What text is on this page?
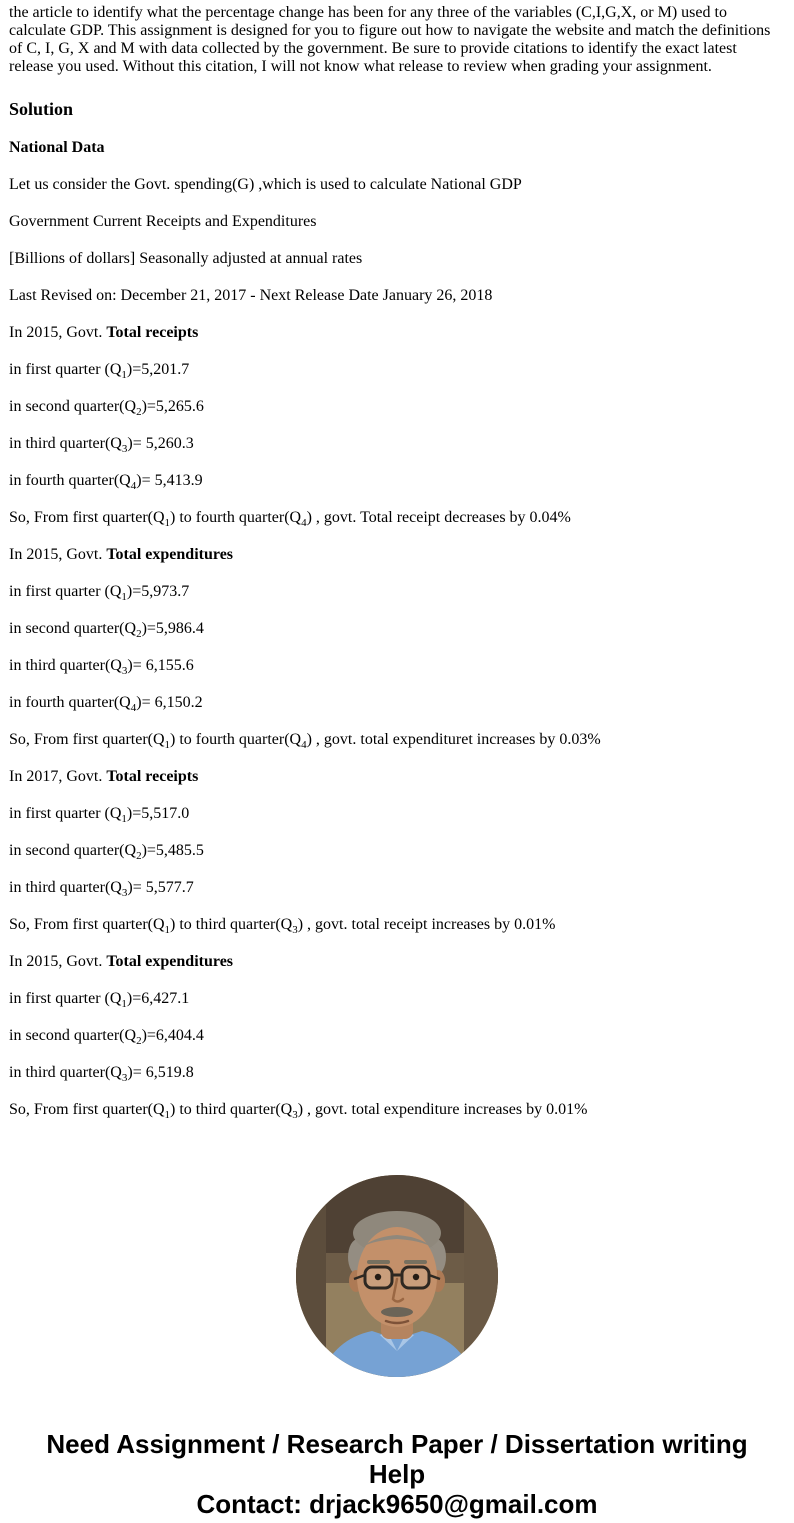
the article to identify what the percentage change has been for any three of the variables (C,I,G,X, or M) used to calculate GDP. This assignment is designed for you to figure out how to navigate the website and match the definitions of C, I, G, X and M with data collected by the government. Be sure to provide citations to identify the exact latest release you used. Without this citation, I will not know what release to review when grading your assignment.

Solution

National Data

Let us consider the Govt. spending(G) ,which is used to calculate National GDP

Government Current Receipts and Expenditures

[Billions of dollars] Seasonally adjusted at annual rates

Last Revised on: December 21, 2017 - Next Release Date January 26, 2018

In 2015, Govt. Total receipts

in first quarter $(Q_1)=5,201.7$

in second $quarter(Q_2)=5,265.6$

in third $quarter(Q_3)= 5,260.3$

in fourth $quarter(Q_4)= 5,413.9$

So, From first $quarter(Q_1)$ to fourth $quarter(Q_4)$ , govt. Total receipt decreases by 0.04%

In 2015, Govt. Total expenditures

in first quarter $(Q_1)=5,973.7$

in second $quarter(Q_2)=5,986.4$

in third $quarter(Q_3)= 6,155.6$

in fourth $quarter(Q_4)= 6,150.2$

So, From first $quarter(Q_1)$ to fourth $quarter(Q_4)$ , govt. total expendituret increases by 0.03%

In 2017, Govt. Total receipts

in first quarter $(Q_1)=5,517.0$

in second $quarter(Q_2)=5,485.5$

in third $quarter(Q_3)= 5,577.7$

So, From first $quarter(Q_1)$ to third $quarter(Q_3)$ , govt. total receipt increases by 0.01%

In 2015, Govt. Total expenditures

in first quarter $(Q_1)=6,427.1$

in second $quarter(Q_2)=6,404.4$

in third $quarter(Q_3)= 6,519.8$

So, From first $quarter(Q_1)$ to third $quarter(Q_3)$ , govt. total expenditure increases by 0.01%

Need Assignment / Research Paper / Dissertation writing Help
Contact: drjack9650@gmail.com
